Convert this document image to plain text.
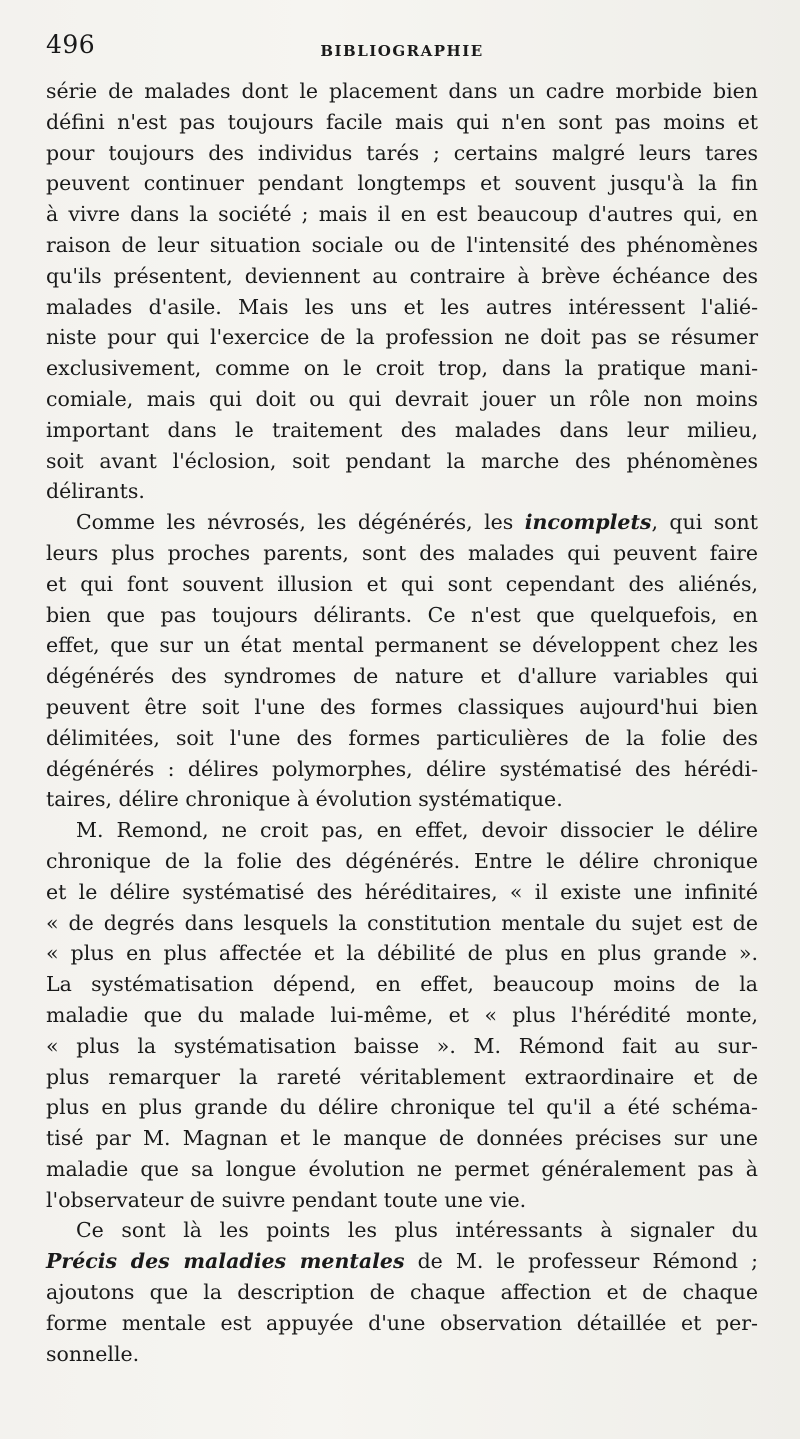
496	BIBLIOGRAPHIE
série de malades dont le placement dans un cadre morbide bien
défini n'est pas toujours facile mais qui n'en sont pas moins et
pour toujours des individus tarés ; certains malgré leurs tares
peuvent continuer pendant longtemps et souvent jusqu'à la fin
à vivre dans la société ; mais il en est beaucoup d'autres qui, en
raison de leur situation sociale ou de l'intensité des phénomènes
qu'ils présentent, deviennent au contraire à brève échéance des
malades d'asile. Mais les uns et les autres intéressent l'alié-
niste pour qui l'exercice de la profession ne doit pas se résumer
exclusivement, comme on le croit trop, dans la pratique mani-
comiale, mais qui doit ou qui devrait jouer un rôle non moins
important dans le traitement des malades dans leur milieu,
soit avant l'éclosion, soit pendant la marche des phénomènes
délirants.
Comme les névrosés, les dégénérés, les incomplets, qui sont
leurs plus proches parents, sont des malades qui peuvent faire
et qui font souvent illusion et qui sont cependant des aliénés,
bien que pas toujours délirants. Ce n'est que quelquefois, en
effet, que sur un état mental permanent se développent chez les
dégénérés des syndromes de nature et d'allure variables qui
peuvent être soit l'une des formes classiques aujourd'hui bien
délimitées, soit l'une des formes particulières de la folie des
dégénérés : délires polymorphes, délire systématisé des hérédi-
taires, délire chronique à évolution systématique.
M. Remond, ne croit pas, en effet, devoir dissocier le délire
chronique de la folie des dégénérés. Entre le délire chronique
et le délire systématisé des héréditaires, « il existe une infinité
« de degrés dans lesquels la constitution mentale du sujet est de
« plus en plus affectée et la débilité de plus en plus grande ».
La systématisation dépend, en effet, beaucoup moins de la
maladie que du malade lui-même, et « plus l'hérédité monte,
« plus la systématisation baisse ». M. Rémond fait au sur-
plus remarquer la rareté véritablement extraordinaire et de
plus en plus grande du délire chronique tel qu'il a été schéma-
tisé par M. Magnan et le manque de données précises sur une
maladie que sa longue évolution ne permet généralement pas à
l'observateur de suivre pendant toute une vie.
Ce sont là les points les plus intéressants à signaler du
Précis des maladies mentales de M. le professeur Rémond ;
ajoutons que la description de chaque affection et de chaque
forme mentale est appuyée d'une observation détaillée et per-
sonnelle.
